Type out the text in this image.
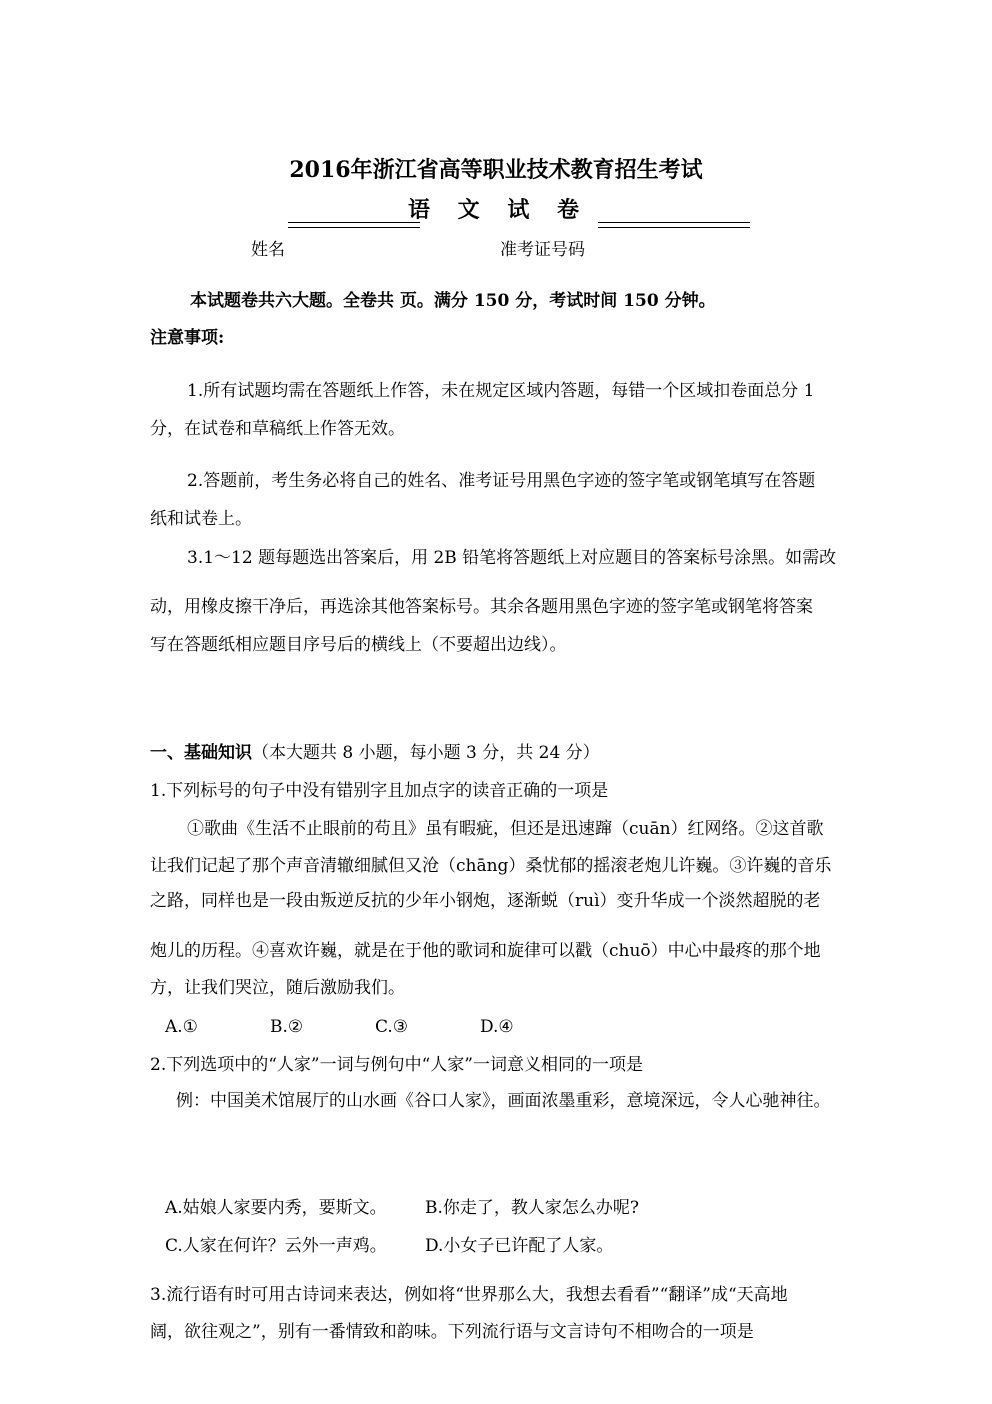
2016年浙江省高等职业技术教育招生考试
语 文 试 卷
姓名	准考证号码
本试题卷共六大题。全卷共 页。满分 150 分，考试时间 150 分钟。
注意事项:
1.所有试题均需在答题纸上作答，未在规定区域内答题，每错一个区域扣卷面总分 1
分，在试卷和草稿纸上作答无效。
2.答题前，考生务必将自己的姓名、准考证号用黑色字迹的签字笔或钢笔填写在答题
纸和试卷上。
3.1～12 题每题选出答案后，用 2B 铅笔将答题纸上对应题目的答案标号涂黑。如需改
动，用橡皮擦干净后，再选涂其他答案标号。其余各题用黑色字迹的签字笔或钢笔将答案
写在答题纸相应题目序号后的横线上（不要超出边线）。
一、基础知识（本大题共 8 小题，每小题 3 分，共 24 分）
1.下列标号的句子中没有错别字且加点字的读音正确的一项是
①歌曲《生活不止眼前的苟且》虽有暇疵，但还是迅速蹿（cuān）红网络。②这首歌
让我们记起了那个声音清辙细腻但又沧（chāng）桑忧郁的摇滚老炮儿许巍。③许巍的音乐
之路，同样也是一段由叛逆反抗的少年小钢炮，逐渐蜕（ruì）变升华成一个淡然超脱的老
炮儿的历程。④喜欢许巍，就是在于他的歌词和旋律可以戳（chuō）中心中最疼的那个地
方，让我们哭泣，随后激励我们。
A.①	B.②	C.③	D.④
2.下列选项中的“人家”一词与例句中“人家”一词意义相同的一项是
例：中国美术馆展厅的山水画《谷口人家》，画面浓墨重彩，意境深远，令人心驰神往。
A.姑娘人家要内秀，要斯文。 B.你走了，教人家怎么办呢?
C.人家在何许？云外一声鸡。 D.小女子已许配了人家。
3.流行语有时可用古诗词来表达，例如将“世界那么大，我想去看看”“翻译”成“天高地
阔，欲往观之”，别有一番情致和韵味。下列流行语与文言诗句不相吻合的一项是
